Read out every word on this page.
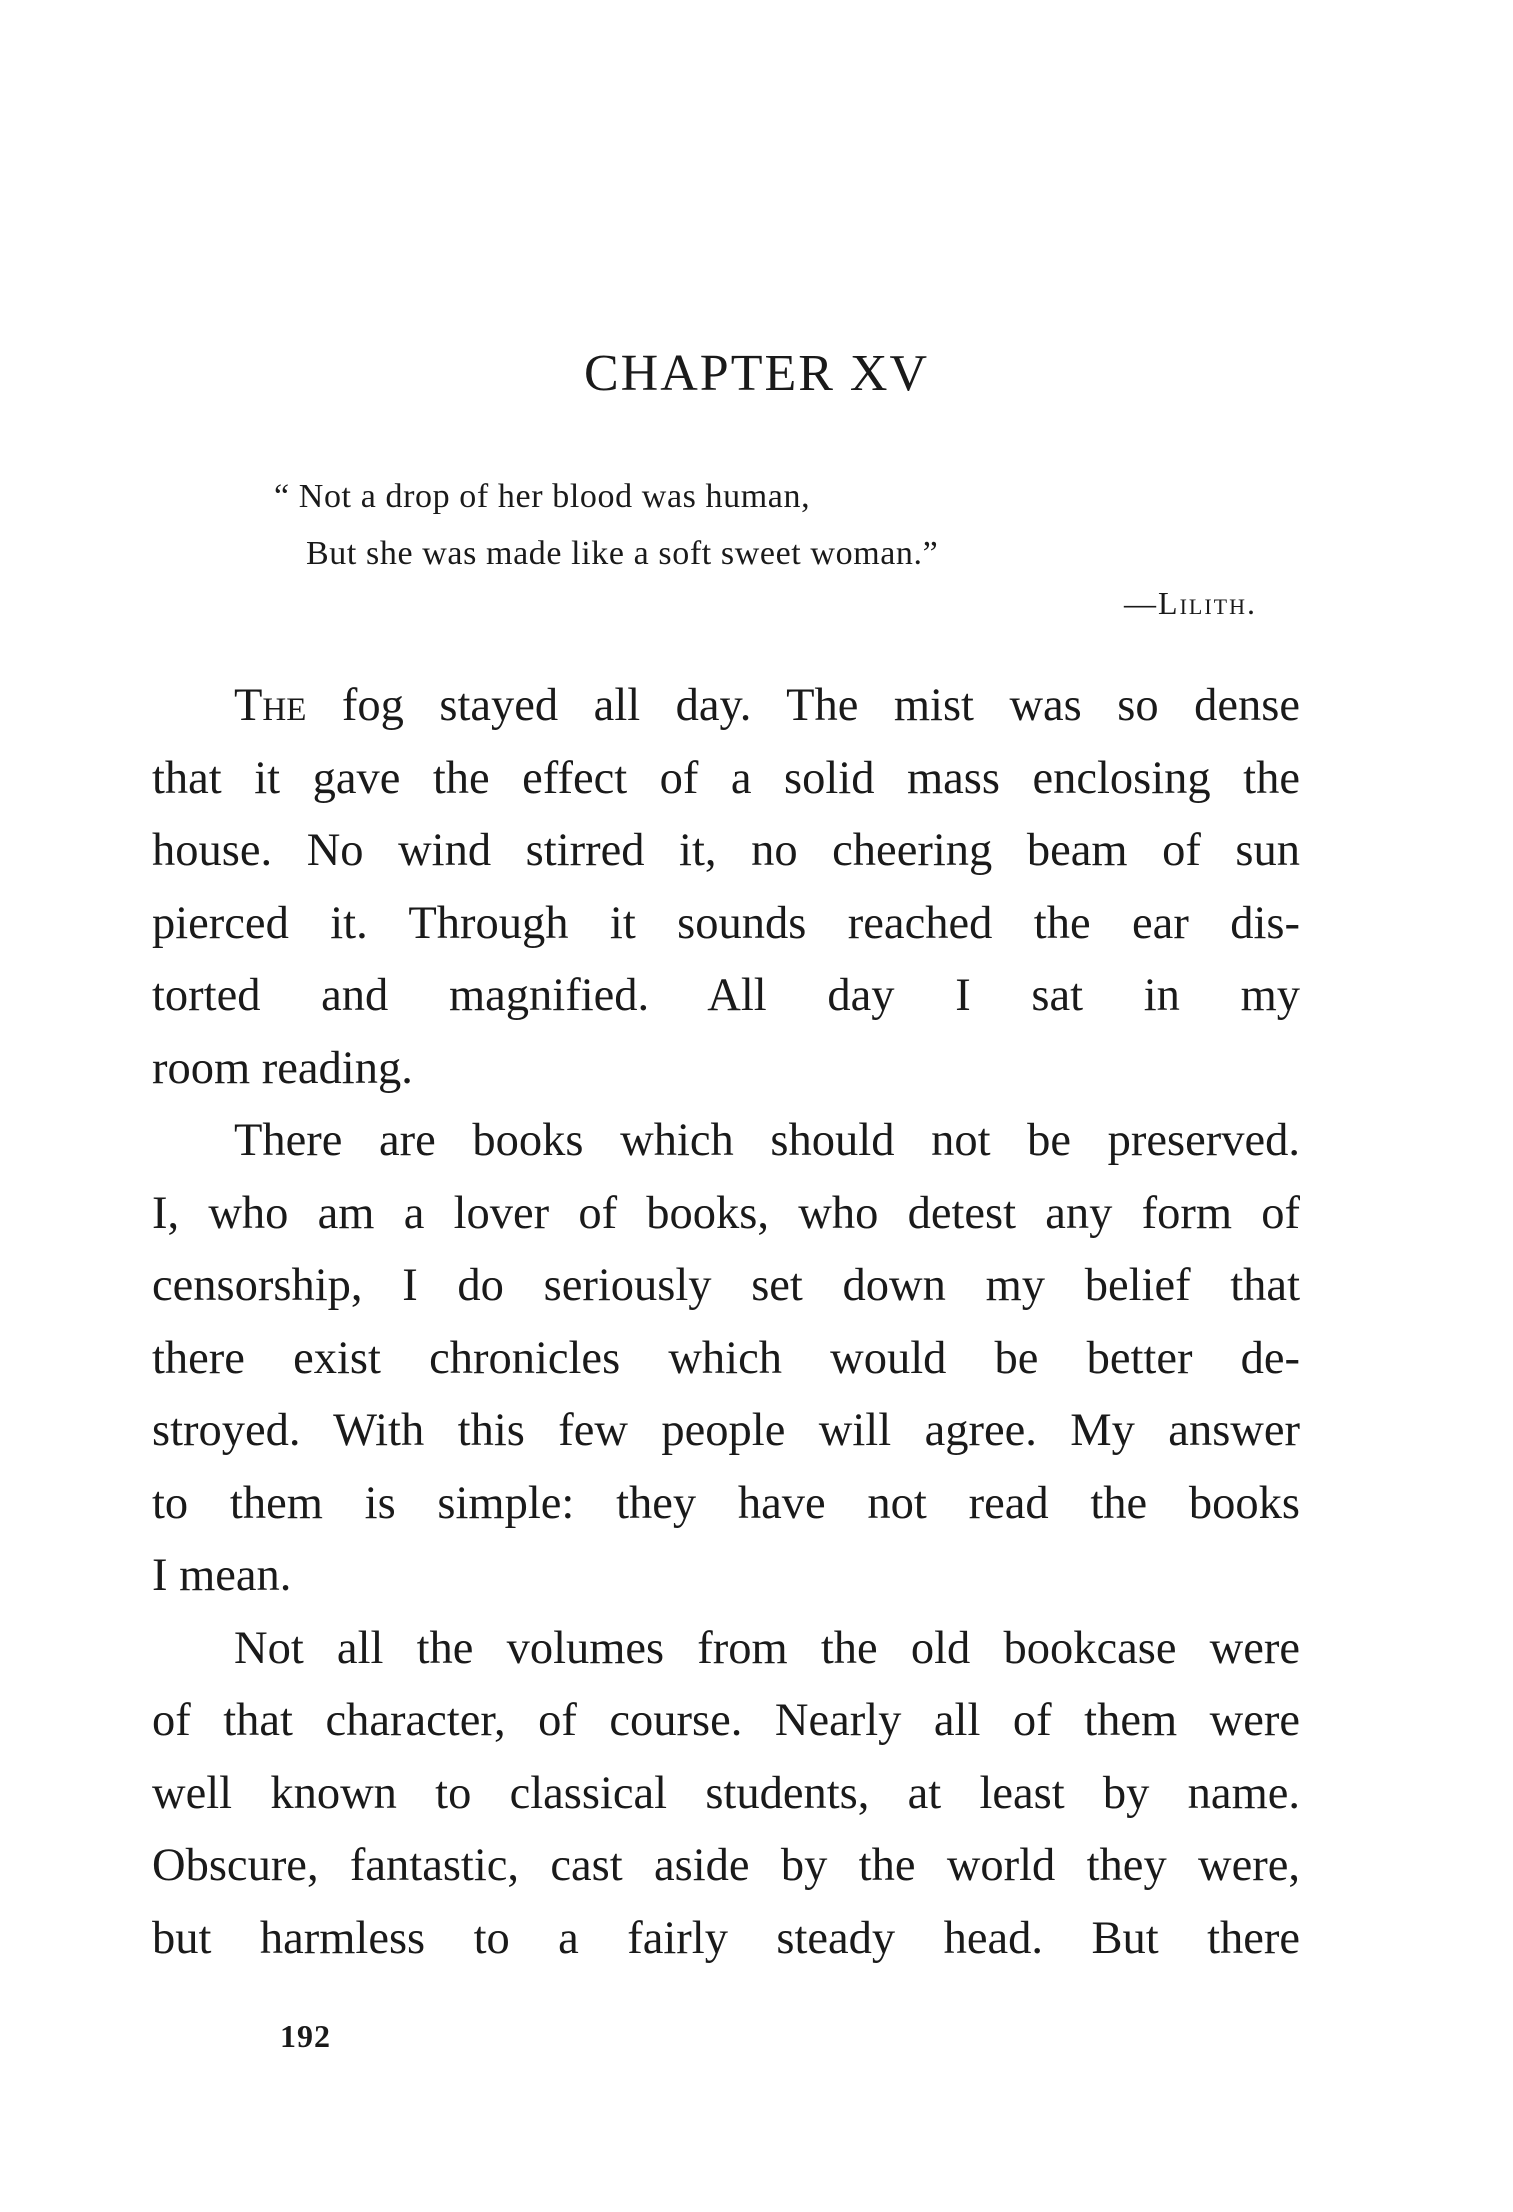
CHAPTER XV
“ Not a drop of her blood was human,
But she was made like a soft sweet woman.”
—Lilith.
The fog stayed all day. The mist was so dense
that it gave the effect of a solid mass enclosing the
house. No wind stirred it, no cheering beam of sun
pierced it. Through it sounds reached the ear dis-
torted and magnified. All day I sat in my
room reading.
There are books which should not be preserved.
I, who am a lover of books, who detest any form of
censorship, I do seriously set down my belief that
there exist chronicles which would be better de-
stroyed. With this few people will agree. My answer
to them is simple: they have not read the books
I mean.
Not all the volumes from the old bookcase were
of that character, of course. Nearly all of them were
well known to classical students, at least by name.
Obscure, fantastic, cast aside by the world they were,
but harmless to a fairly steady head. But there
192
